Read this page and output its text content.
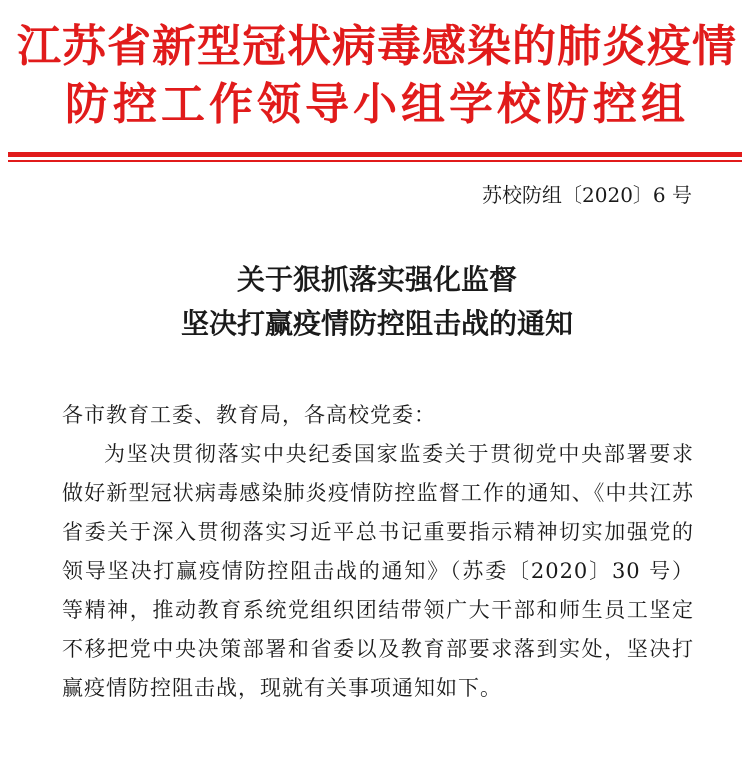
江苏省新型冠状病毒感染的肺炎疫情
防控工作领导小组学校防控组
苏校防组〔2020〕6 号
关于狠抓落实强化监督
坚决打赢疫情防控阻击战的通知
各市教育工委、教育局，各高校党委：
为坚决贯彻落实中央纪委国家监委关于贯彻党中央部署要求做好新型冠状病毒感染肺炎疫情防控监督工作的通知、《中共江苏省委关于深入贯彻落实习近平总书记重要指示精神切实加强党的领导坚决打赢疫情防控阻击战的通知》（苏委〔2020〕30 号）等精神，推动教育系统党组织团结带领广大干部和师生员工坚定不移把党中央决策部署和省委以及教育部要求落到实处，坚决打赢疫情防控阻击战，现就有关事项通知如下。
